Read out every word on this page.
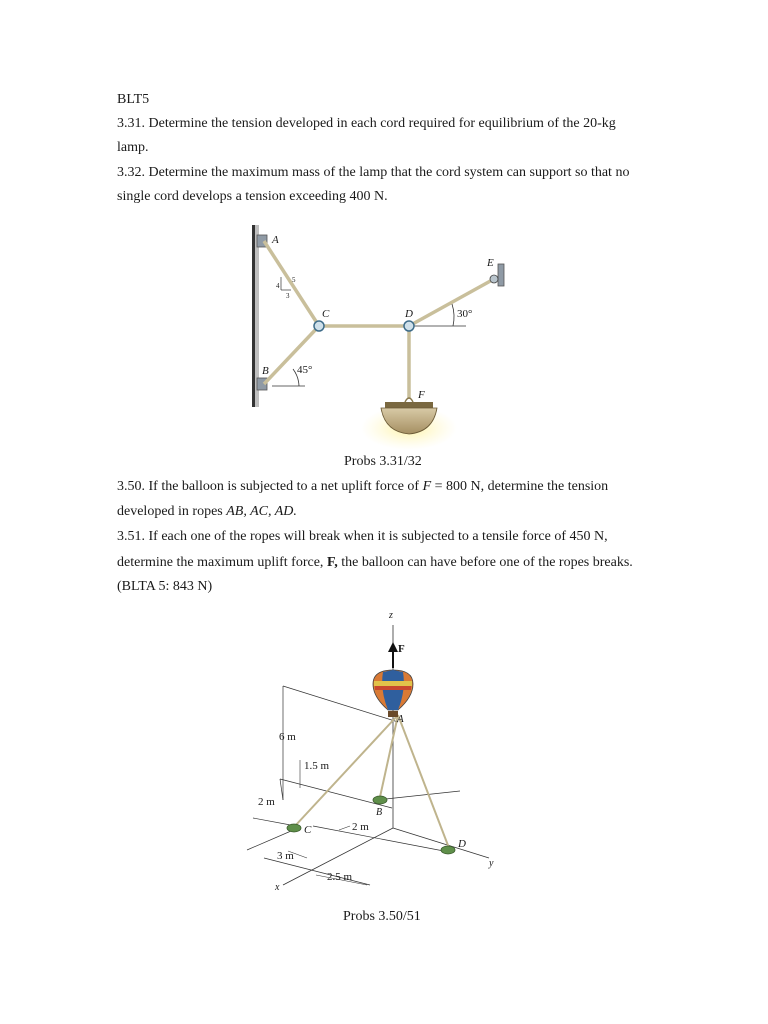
BLT5
3.31. Determine the tension developed in each cord required for equilibrium of the 20-kg
lamp.
3.32. Determine the maximum mass of the lamp that the cord system can support so that no
single cord develops a tension exceeding 400 N.
A
B
C	D
E
F
4
5
3
45°
30°
Probs 3.31/32
3.50. If the balloon is subjected to a net uplift force of F = 800 N, determine the tension
developed in ropes AB, AC, AD.
3.51. If each one of the ropes will break when it is subjected to a tensile force of 450 N,
determine the maximum uplift force, F, the balloon can have before one of the ropes breaks.
(BLTA 5: 843 N)
z
y
x
F
A
B
C
D
6 m
1.5 m
2 m
2 m
3 m
2.5 m
Probs 3.50/51
